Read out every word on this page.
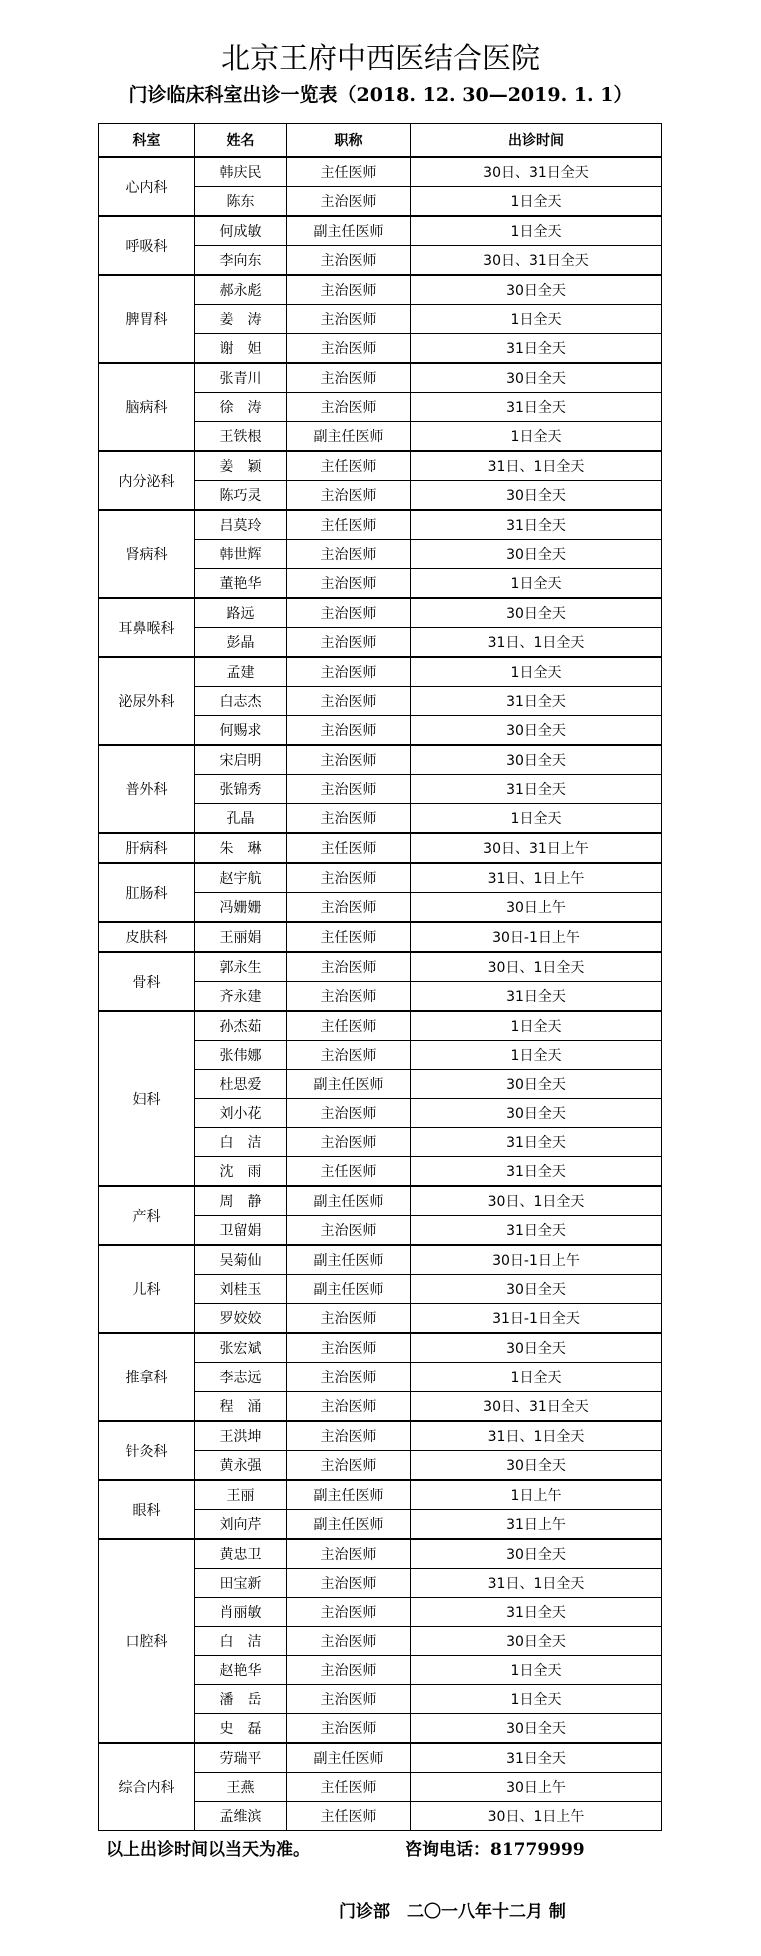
北京王府中西医结合医院
门诊临床科室出诊一览表（2018. 12. 30—2019. 1. 1）
科室	姓名	职称	出诊时间
心内科	韩庆民	主任医师	30日、31日全天
	陈东	主治医师	1日全天
呼吸科	何成敏	副主任医师	1日全天
	李向东	主治医师	30日、31日全天
脾胃科	郝永彪	主治医师	30日全天
	姜　涛	主治医师	1日全天
	谢　妲	主治医师	31日全天
脑病科	张青川	主治医师	30日全天
	徐　涛	主治医师	31日全天
	王铁根	副主任医师	1日全天
内分泌科	姜　颖	主任医师	31日、1日全天
	陈巧灵	主治医师	30日全天
肾病科	吕莫玲	主任医师	31日全天
	韩世辉	主治医师	30日全天
	董艳华	主治医师	1日全天
耳鼻喉科	路远	主治医师	30日全天
	彭晶	主治医师	31日、1日全天
泌尿外科	孟建	主治医师	1日全天
	白志杰	主治医师	31日全天
	何赐求	主治医师	30日全天
普外科	宋启明	主治医师	30日全天
	张锦秀	主治医师	31日全天
	孔晶	主治医师	1日全天
肝病科	朱　琳	主任医师	30日、31日上午
肛肠科	赵宇航	主治医师	31日、1日上午
	冯姗姗	主治医师	30日上午
皮肤科	王丽娟	主任医师	30日-1日上午
骨科	郭永生	主治医师	30日、1日全天
	齐永建	主治医师	31日全天
妇科	孙杰茹	主任医师	1日全天
	张伟娜	主治医师	1日全天
	杜思爱	副主任医师	30日全天
	刘小花	主治医师	30日全天
	白　洁	主治医师	31日全天
	沈　雨	主任医师	31日全天
产科	周　静	副主任医师	30日、1日全天
	卫留娟	主治医师	31日全天
儿科	吴菊仙	副主任医师	30日-1日上午
	刘桂玉	副主任医师	30日全天
	罗姣姣	主治医师	31日-1日全天
推拿科	张宏斌	主治医师	30日全天
	李志远	主治医师	1日全天
	程　涌	主治医师	30日、31日全天
针灸科	王洪坤	主治医师	31日、1日全天
	黄永强	主治医师	30日全天
眼科	王丽	副主任医师	1日上午
	刘向芹	副主任医师	31日上午
口腔科	黄忠卫	主治医师	30日全天
	田宝新	主治医师	31日、1日全天
	肖丽敏	主治医师	31日全天
	白　洁	主治医师	30日全天
	赵艳华	主治医师	1日全天
	潘　岳	主治医师	1日全天
	史　磊	主治医师	30日全天
综合内科	劳瑞平	副主任医师	31日全天
	王燕	主任医师	30日上午
	孟维滨	主任医师	30日、1日上午
以上出诊时间以当天为准。	咨询电话：81779999
门诊部　二〇一八年十二月 制
